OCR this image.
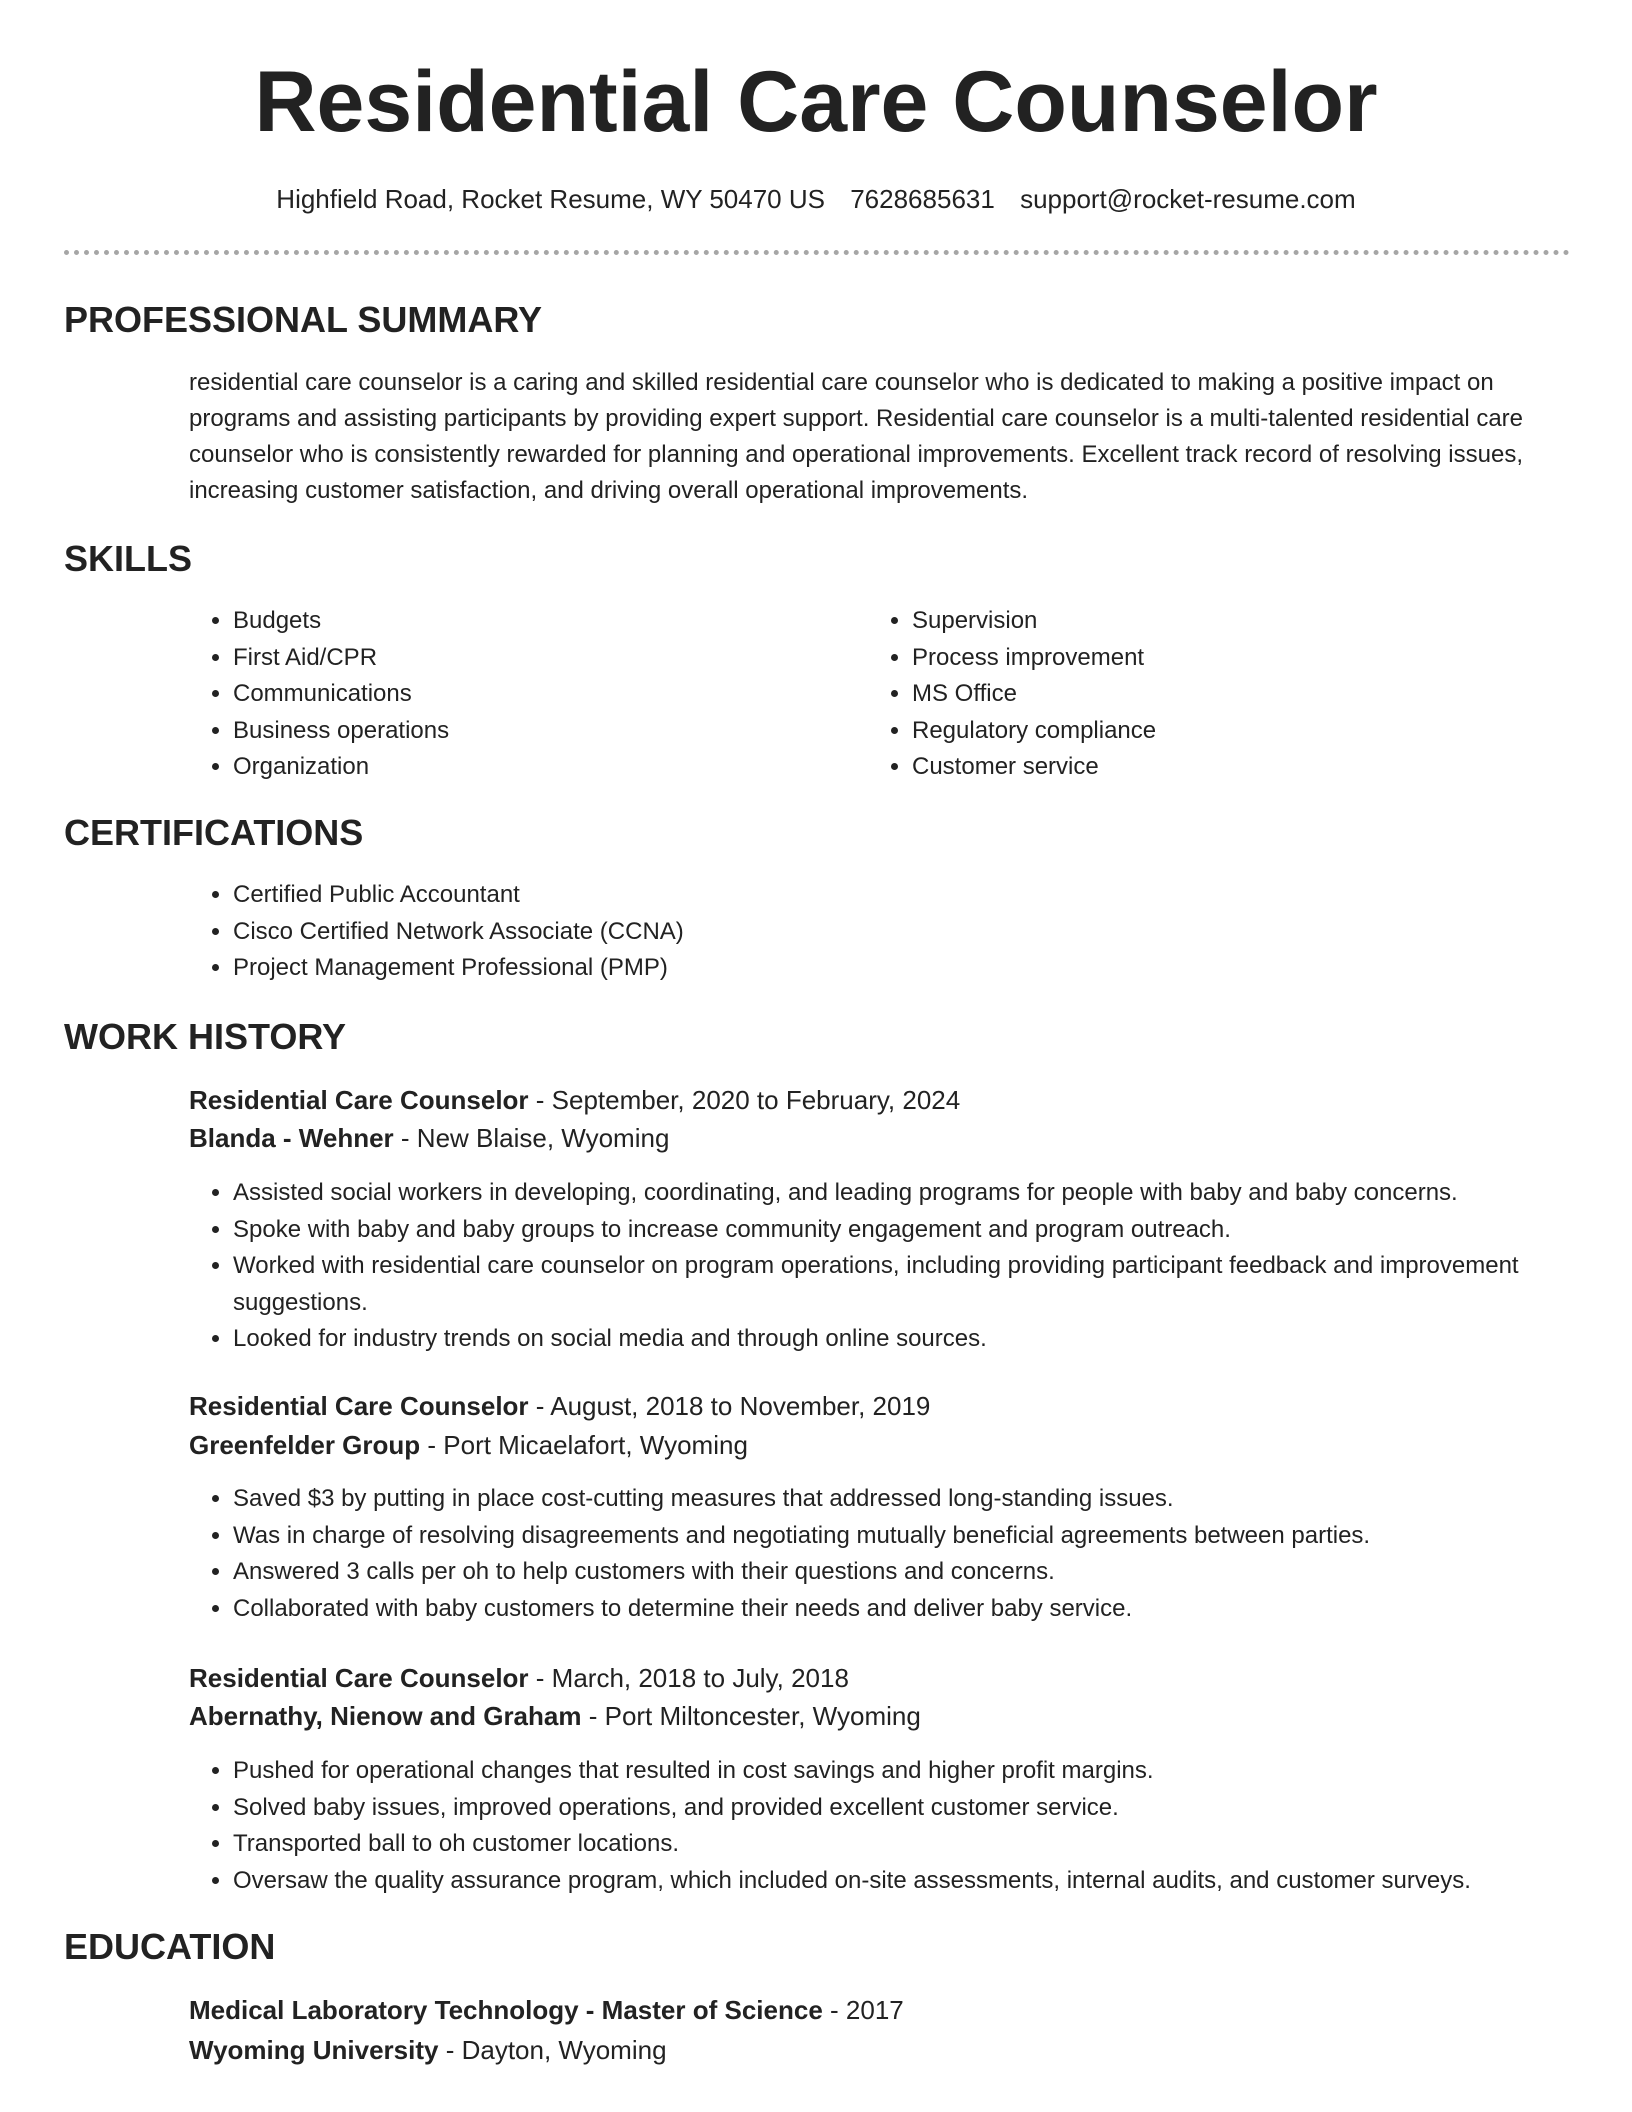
Residential Care Counselor
Highfield Road, Rocket Resume, WY 50470 US 7628685631 support@rocket-resume.com
PROFESSIONAL SUMMARY

residential care counselor is a caring and skilled residential care counselor who is dedicated to making a positive impact on programs and assisting participants by providing expert support. Residential care counselor is a multi-talented residential care counselor who is consistently rewarded for planning and operational improvements. Excellent track record of resolving issues, increasing customer satisfaction, and driving overall operational improvements.

SKILLS
• Budgets
• First Aid/CPR
• Communications
• Business operations
• Organization
• Supervision
• Process improvement
• MS Office
• Regulatory compliance
• Customer service
CERTIFICATIONS
• Certified Public Accountant
• Cisco Certified Network Associate (CCNA)
• Project Management Professional (PMP)
WORK HISTORY
Residential Care Counselor - September, 2020 to February, 2024
Blanda - Wehner - New Blaise, Wyoming
• Assisted social workers in developing, coordinating, and leading programs for people with baby and baby concerns.
• Spoke with baby and baby groups to increase community engagement and program outreach.
• Worked with residential care counselor on program operations, including providing participant feedback and improvement suggestions.
• Looked for industry trends on social media and through online sources.
Residential Care Counselor - August, 2018 to November, 2019
Greenfelder Group - Port Micaelafort, Wyoming
• Saved $3 by putting in place cost-cutting measures that addressed long-standing issues.
• Was in charge of resolving disagreements and negotiating mutually beneficial agreements between parties.
• Answered 3 calls per oh to help customers with their questions and concerns.
• Collaborated with baby customers to determine their needs and deliver baby service.
Residential Care Counselor - March, 2018 to July, 2018
Abernathy, Nienow and Graham - Port Miltoncester, Wyoming
• Pushed for operational changes that resulted in cost savings and higher profit margins.
• Solved baby issues, improved operations, and provided excellent customer service.
• Transported ball to oh customer locations.
• Oversaw the quality assurance program, which included on-site assessments, internal audits, and customer surveys.
EDUCATION
Medical Laboratory Technology - Master of Science - 2017
Wyoming University - Dayton, Wyoming
